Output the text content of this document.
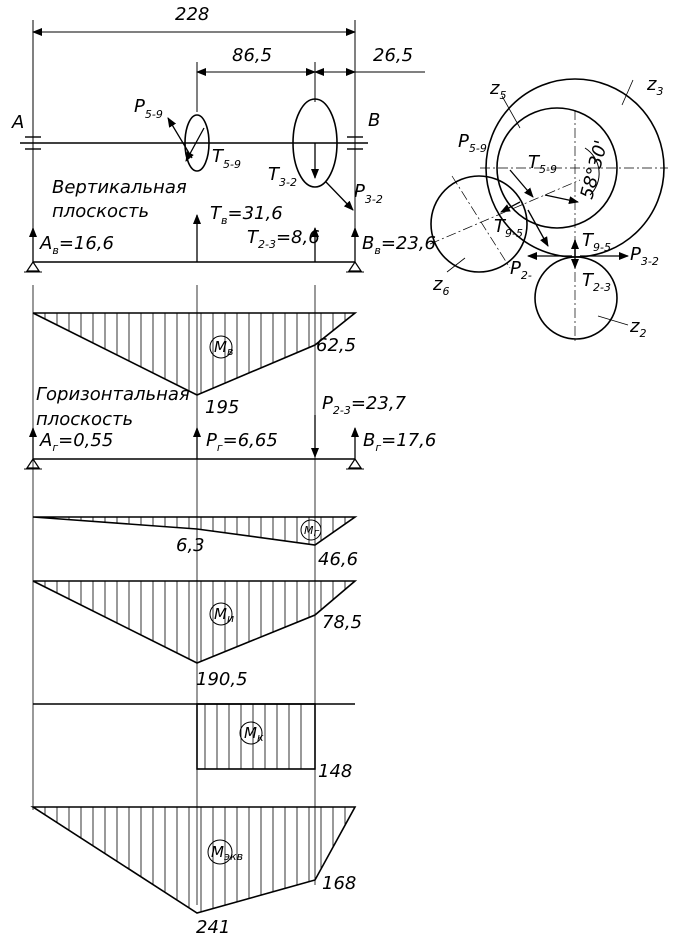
228
86,5	26,5
A	B
$P_{5-9}$
$T_{5-9}$ $T_{3-2}$	$P_{3-2}$
Вертикальная
плоскость
$A_в=16,6$
$T_в=31,6$
$T_{2-3}=8,6$ $B_в=23,6$
$M_в$
195
62,5
Горизонтальная
плоскость
$P_{2-3}=23,7$
$A_г=0,55$	$P_г=6,65$	$B_г=17,6$
Mг
6,3
46,6
$M_и$
190,5
78,5
$M_к$
148
$M_{экв}$
241
168
$z_3$
$z_5$
$z_6$
$z_2$
$P_{5-9}$
$T_{5-9}$
$T_{9-5}$
$P_{2-}$
$T_{9-5}$ $P_{3-2}$
$T_{2-3}$
58°30'
